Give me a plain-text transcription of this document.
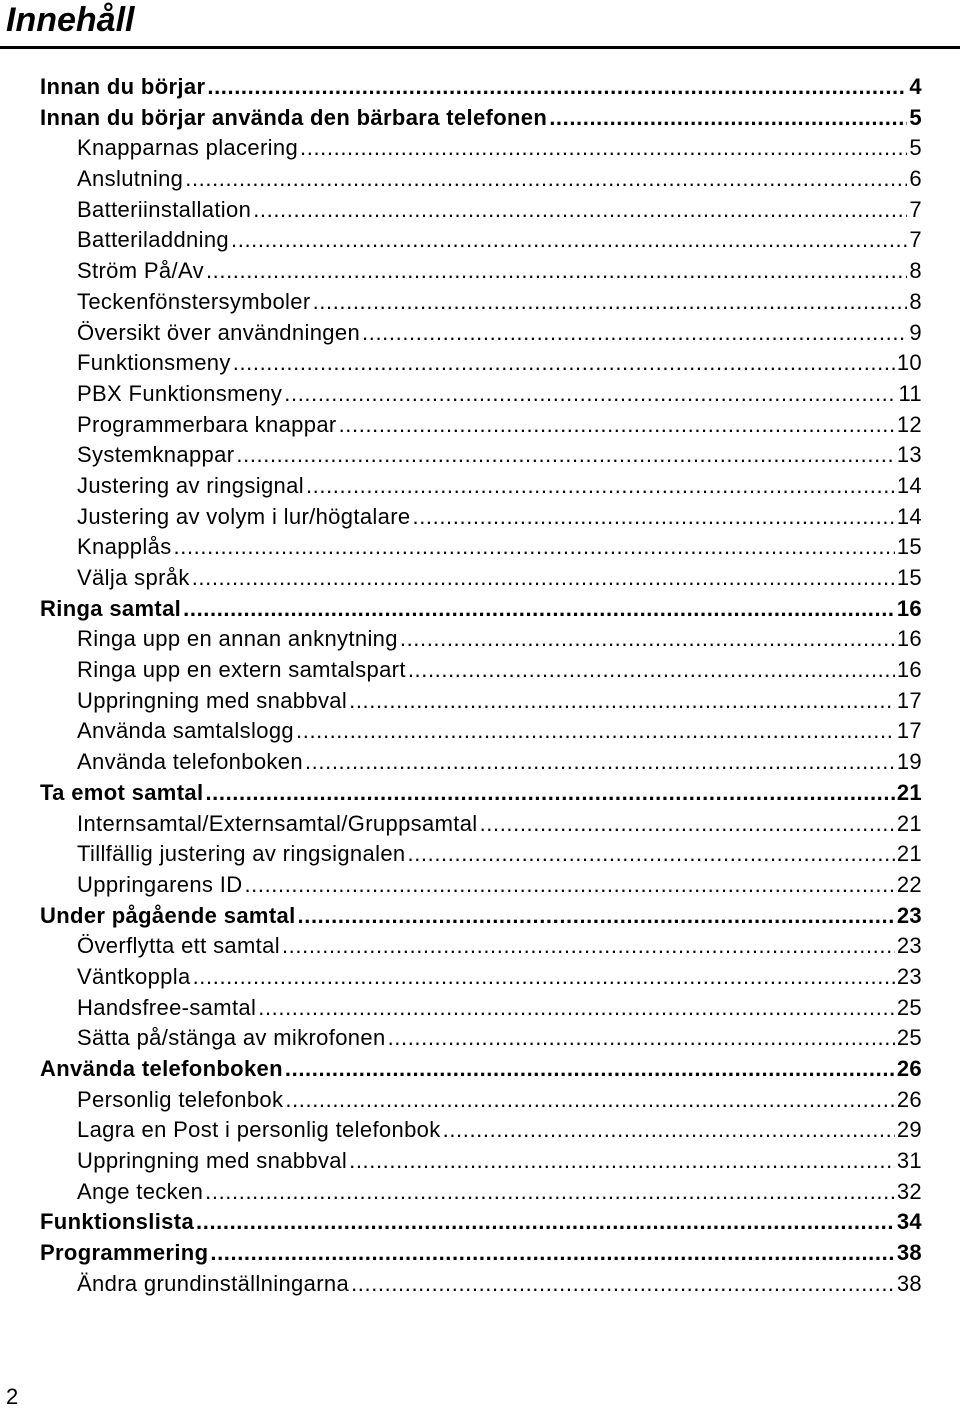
Innehåll
Innan du börjar .....	4
Innan du börjar använda den bärbara telefonen .....	5
Knapparnas placering .....	5
Anslutning .....	6
Batteriinstallation .....	7
Batteriladdning .....	7
Ström På/Av .....	8
Teckenfönstersymboler .....	8
Översikt över användningen .....	9
Funktionsmeny .....	10
PBX Funktionsmeny .....	11
Programmerbara knappar .....	12
Systemknappar .....	13
Justering av ringsignal .....	14
Justering av volym i lur/högtalare .....	14
Knapplås .....	15
Välja språk .....	15
Ringa samtal .....	16
Ringa upp en annan anknytning .....	16
Ringa upp en extern samtalspart .....	16
Uppringning med snabbval .....	17
Använda samtalslogg .....	17
Använda telefonboken .....	19
Ta emot samtal .....	21
Internsamtal/Externsamtal/Gruppsamtal .....	21
Tillfällig justering av ringsignalen .....	21
Uppringarens ID .....	22
Under pågående samtal .....	23
Överflytta ett samtal .....	23
Väntkoppla .....	23
Handsfree-samtal .....	25
Sätta på/stänga av mikrofonen .....	25
Använda telefonboken .....	26
Personlig telefonbok .....	26
Lagra en Post i personlig telefonbok .....	29
Uppringning med snabbval .....	31
Ange tecken .....	32
Funktionslista .....	34
Programmering .....	38
Ändra grundinställningarna .....	38
2
